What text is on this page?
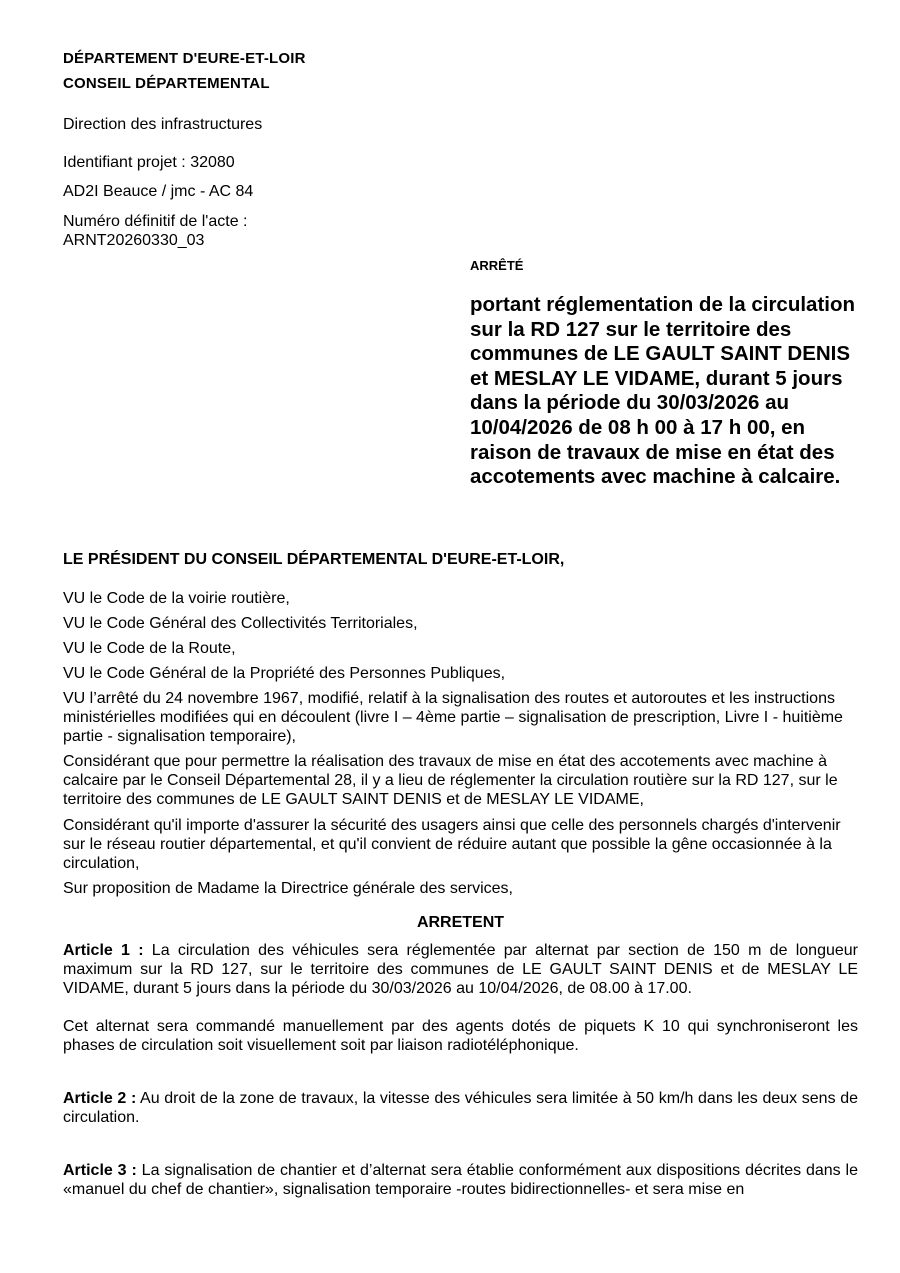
DÉPARTEMENT D'EURE-ET-LOIR
CONSEIL DÉPARTEMENTAL
Direction des infrastructures
Identifiant projet : 32080
AD2I Beauce / jmc - AC 84
Numéro définitif de l'acte :
ARNT20260330_03
ARRÊTÉ
portant réglementation de la circulation sur la RD 127 sur le territoire des communes de LE GAULT SAINT DENIS et MESLAY LE VIDAME, durant 5 jours dans la période du 30/03/2026 au 10/04/2026 de 08 h 00 à 17 h 00, en raison de travaux de mise en état des accotements avec machine à calcaire.
LE PRÉSIDENT DU CONSEIL DÉPARTEMENTAL D'EURE-ET-LOIR,
VU le Code de la voirie routière,
VU le Code Général des Collectivités Territoriales,
VU le Code de la Route,
VU le Code Général de la Propriété des Personnes Publiques,
VU l’arrêté du 24 novembre 1967, modifié, relatif à la signalisation des routes et autoroutes et les instructions ministérielles modifiées qui en découlent (livre I – 4ème partie – signalisation de prescription, Livre I - huitième partie - signalisation temporaire),
Considérant que pour permettre la réalisation des travaux de mise en état des accotements avec machine à calcaire par le Conseil Départemental 28, il y a lieu de réglementer la circulation routière sur la RD 127, sur le territoire des communes de LE GAULT SAINT DENIS et de MESLAY LE VIDAME,
Considérant qu'il importe d'assurer la sécurité des usagers ainsi que celle des personnels chargés d'intervenir sur le réseau routier départemental, et qu'il convient de réduire autant que possible la gêne occasionnée à la circulation,
Sur proposition de Madame la Directrice générale des services,
ARRETENT
Article 1 : La circulation des véhicules sera réglementée par alternat par section de 150 m de longueur maximum sur la RD 127, sur le territoire des communes de LE GAULT SAINT DENIS et de MESLAY LE VIDAME, durant 5 jours dans la période du 30/03/2026 au 10/04/2026, de 08.00 à 17.00.
Cet alternat sera commandé manuellement par des agents dotés de piquets K 10 qui synchroniseront les phases de circulation soit visuellement soit par liaison radiotéléphonique.
Article 2 : Au droit de la zone de travaux, la vitesse des véhicules sera limitée à 50 km/h dans les deux sens de circulation.
Article 3 : La signalisation de chantier et d’alternat sera établie conformément aux dispositions décrites dans le «manuel du chef de chantier», signalisation temporaire -routes bidirectionnelles- et sera mise en
